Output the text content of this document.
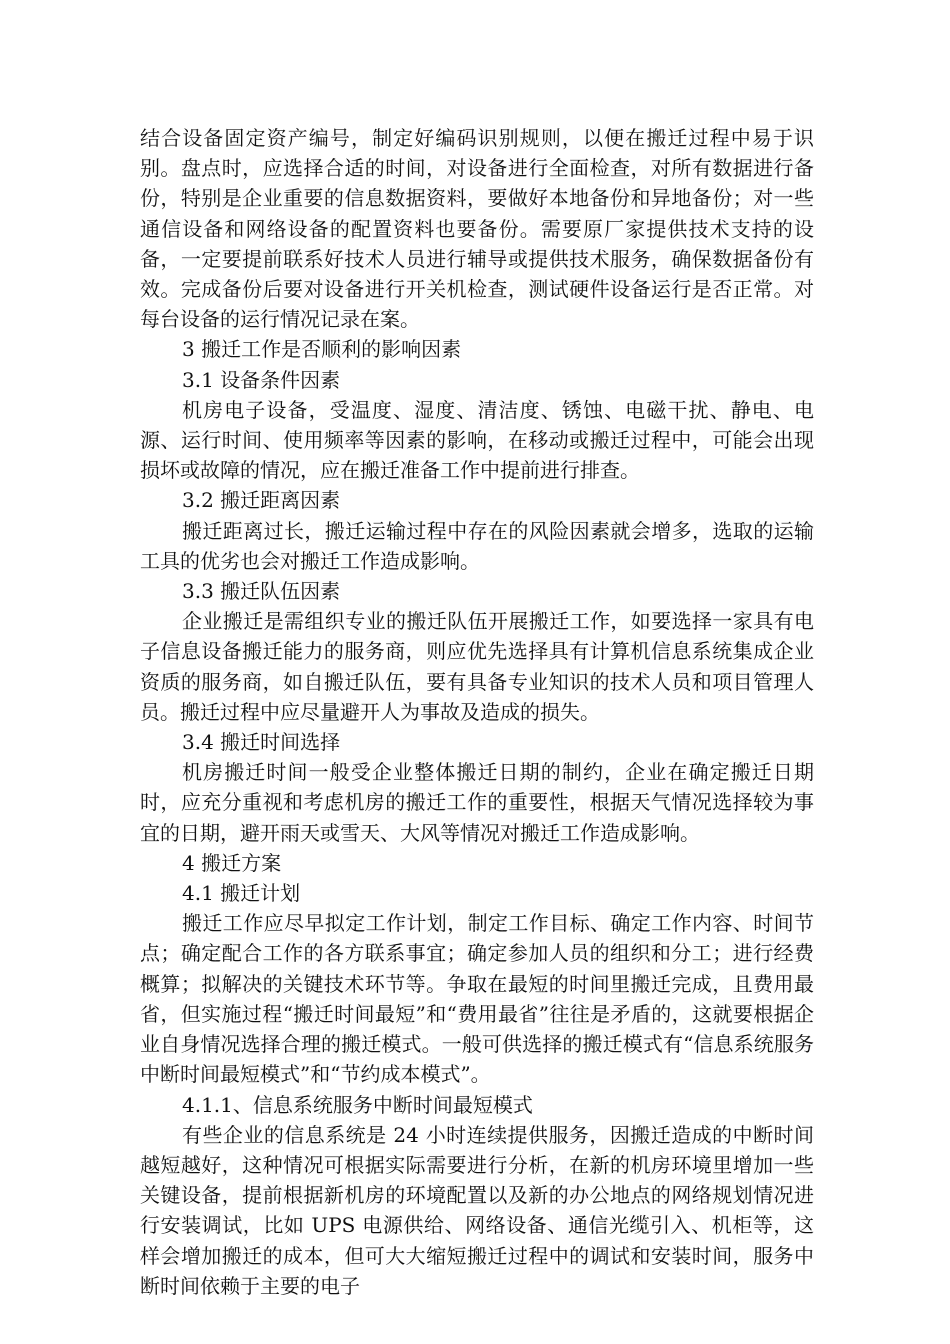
结合设备固定资产编号，制定好编码识别规则，以便在搬迁过程中易于识别。盘点时，应选择合适的时间，对设备进行全面检查，对所有数据进行备份，特别是企业重要的信息数据资料，要做好本地备份和异地备份；对一些通信设备和网络设备的配置资料也要备份。需要原厂家提供技术支持的设备，一定要提前联系好技术人员进行辅导或提供技术服务，确保数据备份有效。完成备份后要对设备进行开关机检查，测试硬件设备运行是否正常。对每台设备的运行情况记录在案。

3 搬迁工作是否顺利的影响因素

3.1 设备条件因素

机房电子设备，受温度、湿度、清洁度、锈蚀、电磁干扰、静电、电源、运行时间、使用频率等因素的影响，在移动或搬迁过程中，可能会出现损坏或故障的情况，应在搬迁准备工作中提前进行排查。

3.2 搬迁距离因素

搬迁距离过长，搬迁运输过程中存在的风险因素就会增多，选取的运输工具的优劣也会对搬迁工作造成影响。

3.3 搬迁队伍因素

企业搬迁是需组织专业的搬迁队伍开展搬迁工作，如要选择一家具有电子信息设备搬迁能力的服务商，则应优先选择具有计算机信息系统集成企业资质的服务商，如自搬迁队伍，要有具备专业知识的技术人员和项目管理人员。搬迁过程中应尽量避开人为事故及造成的损失。

3.4 搬迁时间选择

机房搬迁时间一般受企业整体搬迁日期的制约，企业在确定搬迁日期时，应充分重视和考虑机房的搬迁工作的重要性，根据天气情况选择较为事宜的日期，避开雨天或雪天、大风等情况对搬迁工作造成影响。

4 搬迁方案

4.1 搬迁计划

搬迁工作应尽早拟定工作计划，制定工作目标、确定工作内容、时间节点；确定配合工作的各方联系事宜；确定参加人员的组织和分工；进行经费概算；拟解决的关键技术环节等。争取在最短的时间里搬迁完成，且费用最省，但实施过程“搬迁时间最短”和“费用最省”往往是矛盾的，这就要根据企业自身情况选择合理的搬迁模式。一般可供选择的搬迁模式有“信息系统服务中断时间最短模式”和“节约成本模式”。

4.1.1、信息系统服务中断时间最短模式

有些企业的信息系统是 24 小时连续提供服务，因搬迁造成的中断时间越短越好，这种情况可根据实际需要进行分析，在新的机房环境里增加一些关键设备，提前根据新机房的环境配置以及新的办公地点的网络规划情况进行安装调试，比如 UPS 电源供给、网络设备、通信光缆引入、机柜等，这样会增加搬迁的成本，但可大大缩短搬迁过程中的调试和安装时间，服务中断时间依赖于主要的电子
